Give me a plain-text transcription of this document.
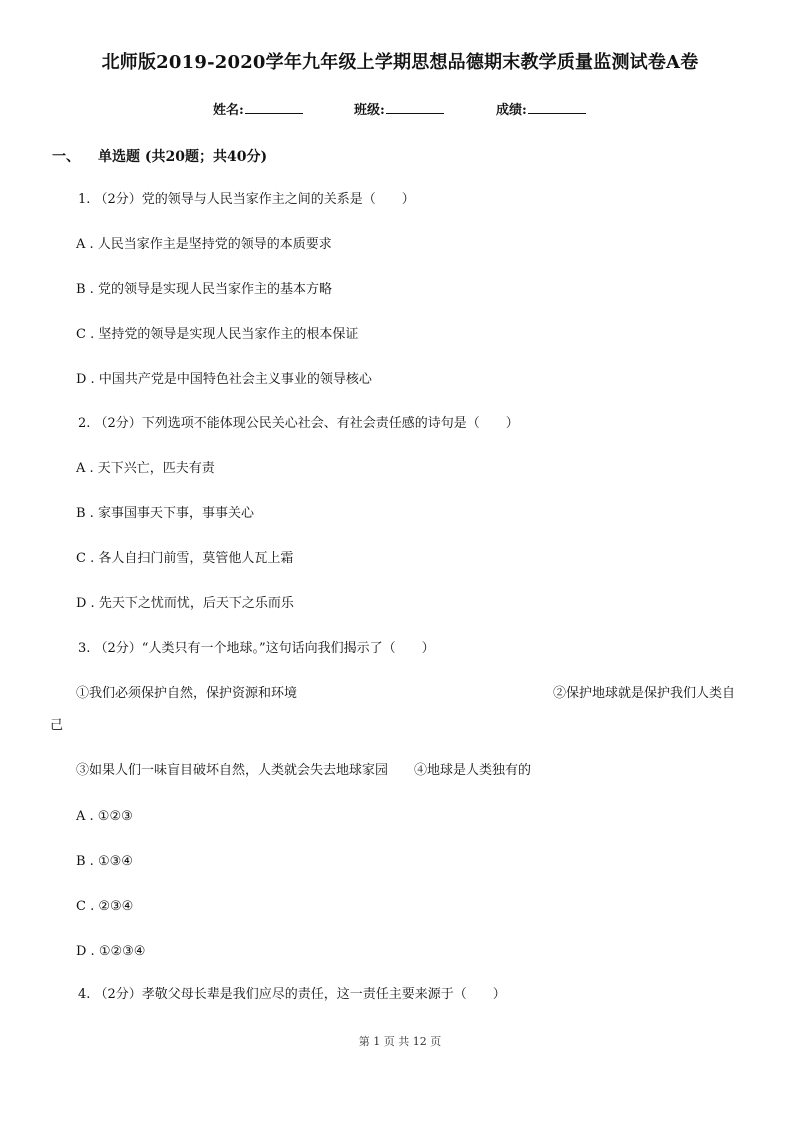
北师版2019-2020学年九年级上学期思想品德期末教学质量监测试卷A卷
姓名:	班级:	成绩:
一、 单选题 (共20题；共40分)
1. （2分）党的领导与人民当家作主之间的关系是（　　）
A . 人民当家作主是坚持党的领导的本质要求
B . 党的领导是实现人民当家作主的基本方略
C . 坚持党的领导是实现人民当家作主的根本保证
D . 中国共产党是中国特色社会主义事业的领导核心
2. （2分）下列选项不能体现公民关心社会、有社会责任感的诗句是（　　）
A . 天下兴亡，匹夫有责
B . 家事国事天下事，事事关心
C . 各人自扫门前雪，莫管他人瓦上霜
D . 先天下之忧而忧，后天下之乐而乐
3. （2分）“人类只有一个地球。”这句话向我们揭示了（　　）
①我们必须保护自然，保护资源和环境	②保护地球就是保护我们人类自
己
③如果人们一味盲目破坏自然，人类就会失去地球家园　　④地球是人类独有的
A . ①②③
B . ①③④
C . ②③④
D . ①②③④
4. （2分）孝敬父母长辈是我们应尽的责任，这一责任主要来源于（　　）
第 1 页 共 12 页
